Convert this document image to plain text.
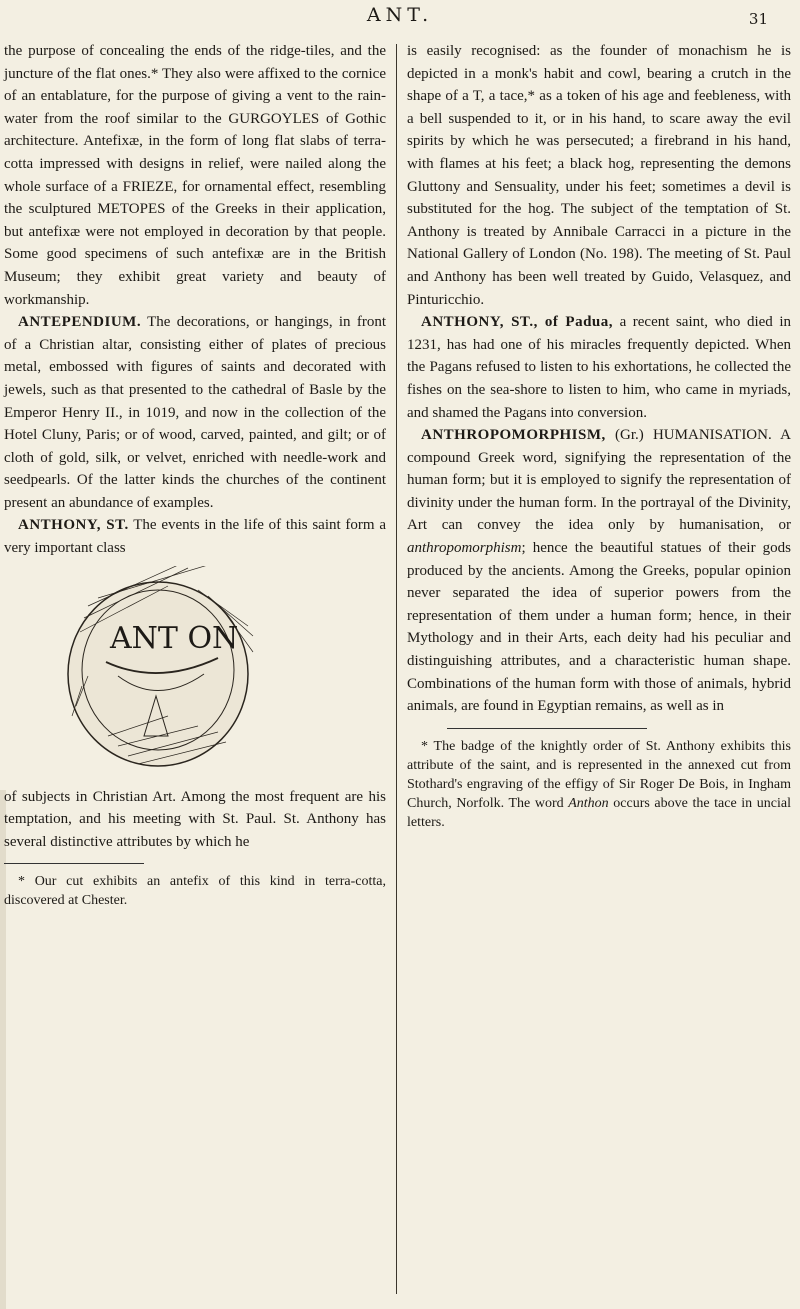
ANT.	31

the purpose of concealing the ends of the ridge-tiles, and the juncture of the flat ones.* They also were affixed to the cornice of an entablature, for the purpose of giving a vent to the rain-water from the roof similar to the GURGOYLES of Gothic architecture. Antefixæ, in the form of long flat slabs of terra-cotta impressed with designs in relief, were nailed along the whole surface of a FRIEZE, for ornamental effect, resembling the sculptured METOPES of the Greeks in their application, but antefixæ were not employed in decoration by that people. Some good specimens of such antefixæ are in the British Museum; they exhibit great variety and beauty of workmanship.

ANTEPENDIUM. The decorations, or hangings, in front of a Christian altar, consisting either of plates of precious metal, embossed with figures of saints and decorated with jewels, such as that presented to the cathedral of Basle by the Emperor Henry II., in 1019, and now in the collection of the Hotel Cluny, Paris; or of wood, carved, painted, and gilt; or of cloth of gold, silk, or velvet, enriched with needle-work and seedpearls. Of the latter kinds the churches of the continent present an abundance of examples.

ANTHONY, ST. The events in the life of this saint form a very important class

ANT ON

of subjects in Christian Art. Among the most frequent are his temptation, and his meeting with St. Paul. St. Anthony has several distinctive attributes by which he

* Our cut exhibits an antefix of this kind in terra-cotta, discovered at Chester.

is easily recognised: as the founder of monachism he is depicted in a monk's habit and cowl, bearing a crutch in the shape of a T, a tace,* as a token of his age and feebleness, with a bell suspended to it, or in his hand, to scare away the evil spirits by which he was persecuted; a firebrand in his hand, with flames at his feet; a black hog, representing the demons Gluttony and Sensuality, under his feet; sometimes a devil is substituted for the hog. The subject of the temptation of St. Anthony is treated by Annibale Carracci in a picture in the National Gallery of London (No. 198). The meeting of St. Paul and Anthony has been well treated by Guido, Velasquez, and Pinturicchio.

ANTHONY, ST., of Padua, a recent saint, who died in 1231, has had one of his miracles frequently depicted. When the Pagans refused to listen to his exhortations, he collected the fishes on the sea-shore to listen to him, who came in myriads, and shamed the Pagans into conversion.

ANTHROPOMORPHISM, (Gr.) HUMANISATION. A compound Greek word, signifying the representation of the human form; but it is employed to signify the representation of divinity under the human form. In the portrayal of the Divinity, Art can convey the idea only by humanisation, or anthropomorphism; hence the beautiful statues of their gods produced by the ancients. Among the Greeks, popular opinion never separated the idea of superior powers from the representation of them under a human form; hence, in their Mythology and in their Arts, each deity had his peculiar and distinguishing attributes, and a characteristic human shape. Combinations of the human form with those of animals, hybrid animals, are found in Egyptian remains, as well as in

* The badge of the knightly order of St. Anthony exhibits this attribute of the saint, and is represented in the annexed cut from Stothard's engraving of the effigy of Sir Roger De Bois, in Ingham Church, Norfolk. The word Anthon occurs above the tace in uncial letters.
